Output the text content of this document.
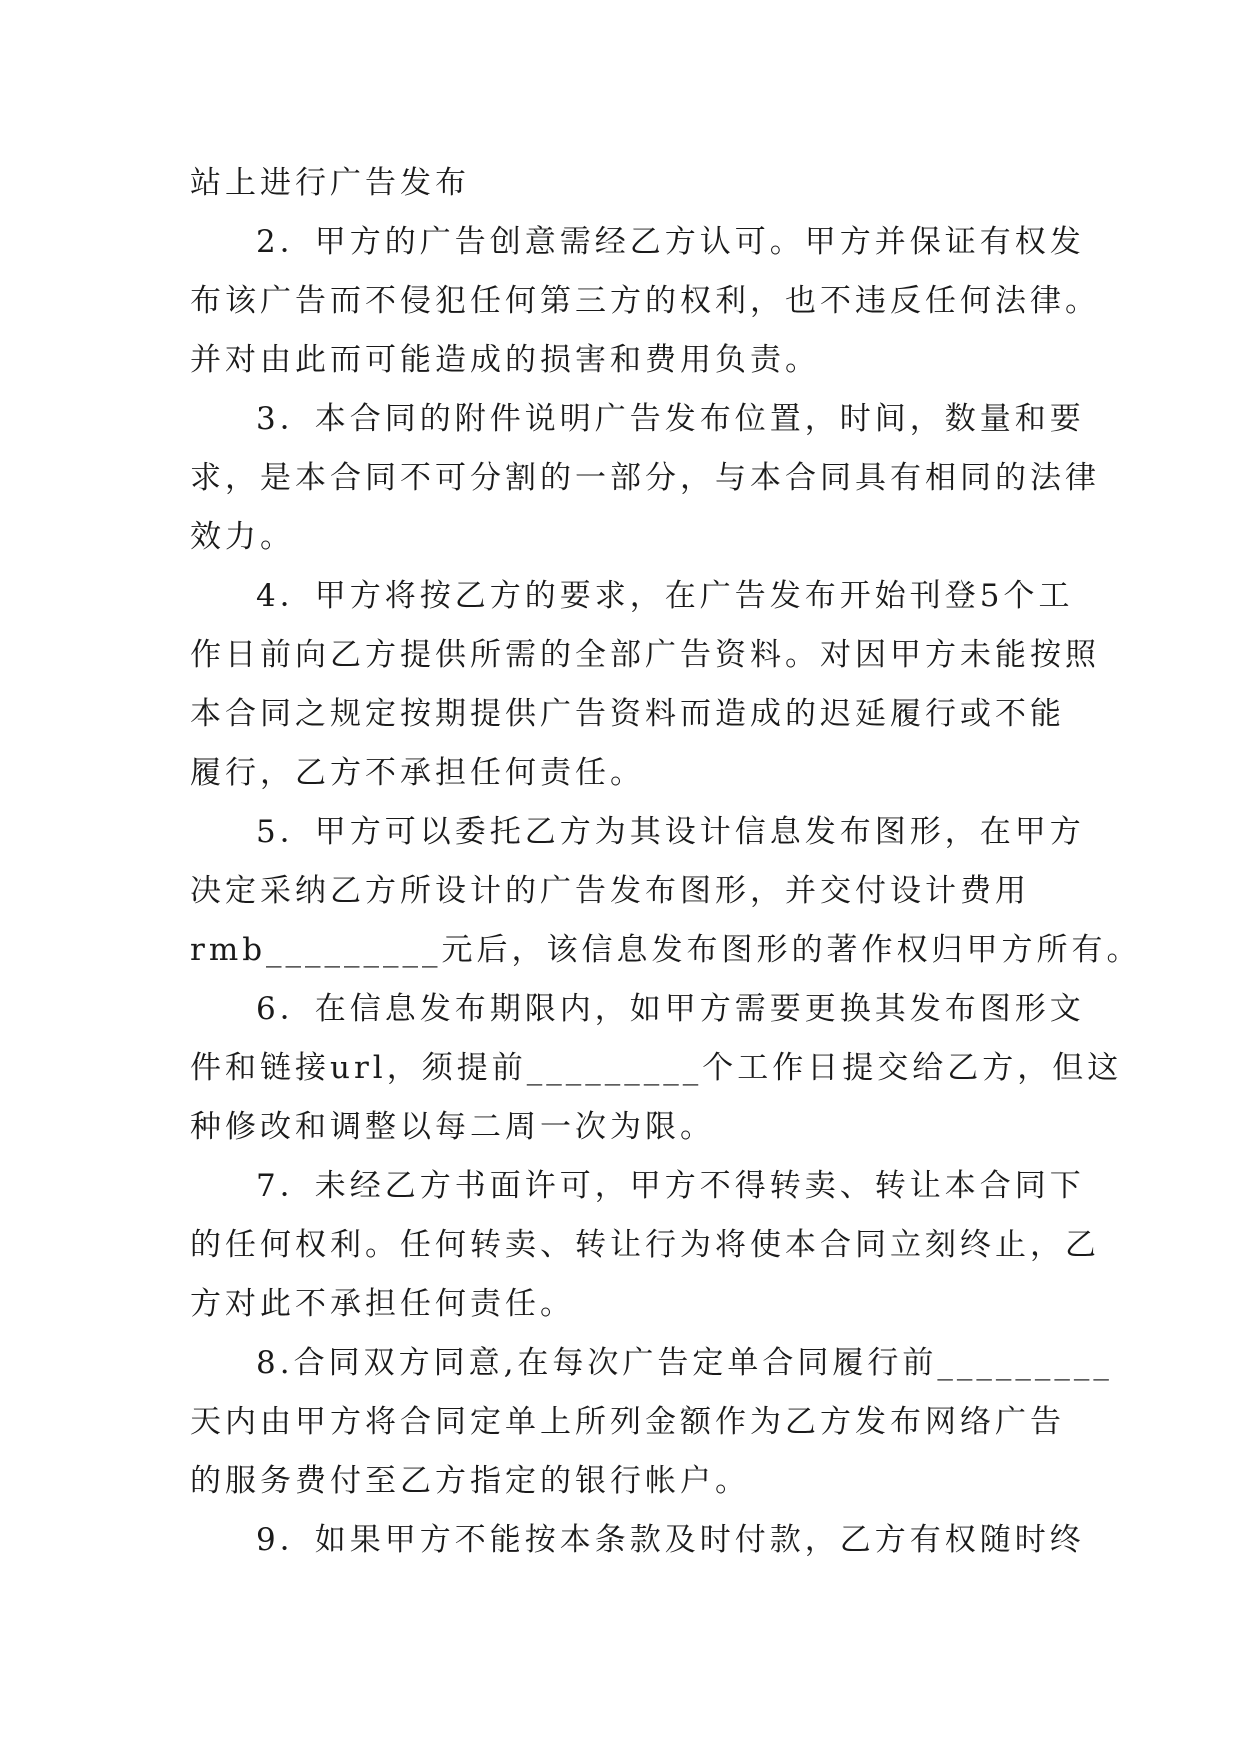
站上进行广告发布
2．甲方的广告创意需经乙方认可。甲方并保证有权发
布该广告而不侵犯任何第三方的权利，也不违反任何法律。
并对由此而可能造成的损害和费用负责。
3．本合同的附件说明广告发布位置，时间，数量和要
求，是本合同不可分割的一部分，与本合同具有相同的法律
效力。
4．甲方将按乙方的要求，在广告发布开始刊登5个工
作日前向乙方提供所需的全部广告资料。对因甲方未能按照
本合同之规定按期提供广告资料而造成的迟延履行或不能
履行，乙方不承担任何责任。
5．甲方可以委托乙方为其设计信息发布图形，在甲方
决定采纳乙方所设计的广告发布图形，并交付设计费用
rmb_________元后，该信息发布图形的著作权归甲方所有。
6．在信息发布期限内，如甲方需要更换其发布图形文
件和链接url，须提前_________个工作日提交给乙方，但这
种修改和调整以每二周一次为限。
7．未经乙方书面许可，甲方不得转卖、转让本合同下
的任何权利。任何转卖、转让行为将使本合同立刻终止，乙
方对此不承担任何责任。
8.合同双方同意,在每次广告定单合同履行前_________
天内由甲方将合同定单上所列金额作为乙方发布网络广告
的服务费付至乙方指定的银行帐户。
9．如果甲方不能按本条款及时付款，乙方有权随时终
